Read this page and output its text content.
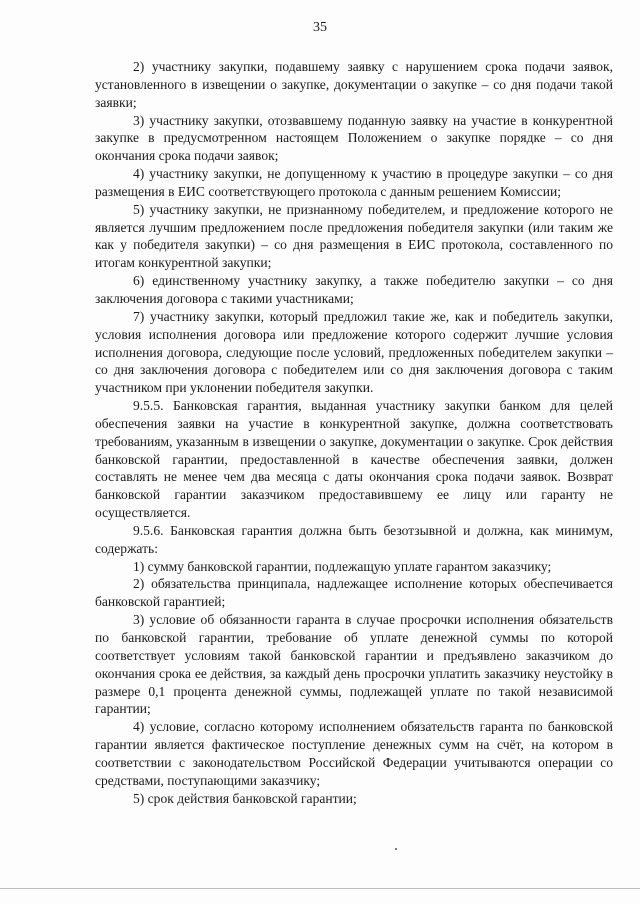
35

2) участнику закупки, подавшему заявку с нарушением срока подачи заявок, установленного в извещении о закупке, документации о закупке – со дня подачи такой заявки;

3) участнику закупки, отозвавшему поданную заявку на участие в конкурентной закупке в предусмотренном настоящем Положением о закупке порядке – со дня окончания срока подачи заявок;

4) участнику закупки, не допущенному к участию в процедуре закупки – со дня размещения в ЕИС соответствующего протокола с данным решением Комиссии;

5) участнику закупки, не признанному победителем, и предложение которого не является лучшим предложением после предложения победителя закупки (или таким же как у победителя закупки) – со дня размещения в ЕИС протокола, составленного по итогам конкурентной закупки;

6) единственному участнику закупку, а также победителю закупки – со дня заключения договора с такими участниками;

7) участнику закупки, который предложил такие же, как и победитель закупки, условия исполнения договора или предложение которого содержит лучшие условия исполнения договора, следующие после условий, предложенных победителем закупки – со дня заключения договора с победителем или со дня заключения договора с таким участником при уклонении победителя закупки.

9.5.5. Банковская гарантия, выданная участнику закупки банком для целей обеспечения заявки на участие в конкурентной закупке, должна соответствовать требованиям, указанным в извещении о закупке, документации о закупке. Срок действия банковской гарантии, предоставленной в качестве обеспечения заявки, должен составлять не менее чем два месяца с даты окончания срока подачи заявок. Возврат банковской гарантии заказчиком предоставившему ее лицу или гаранту не осуществляется.

9.5.6. Банковская гарантия должна быть безотзывной и должна, как минимум, содержать:

1) сумму банковской гарантии, подлежащую уплате гарантом заказчику;

2) обязательства принципала, надлежащее исполнение которых обеспечивается банковской гарантией;

3) условие об обязанности гаранта в случае просрочки исполнения обязательств по банковской гарантии, требование об уплате денежной суммы по которой соответствует условиям такой банковской гарантии и предъявлено заказчиком до окончания срока ее действия, за каждый день просрочки уплатить заказчику неустойку в размере 0,1 процента денежной суммы, подлежащей уплате по такой независимой гарантии;

4) условие, согласно которому исполнением обязательств гаранта по банковской гарантии является фактическое поступление денежных сумм на счёт, на котором в соответствии с законодательством Российской Федерации учитываются операции со средствами, поступающими заказчику;

5) срок действия банковской гарантии;
